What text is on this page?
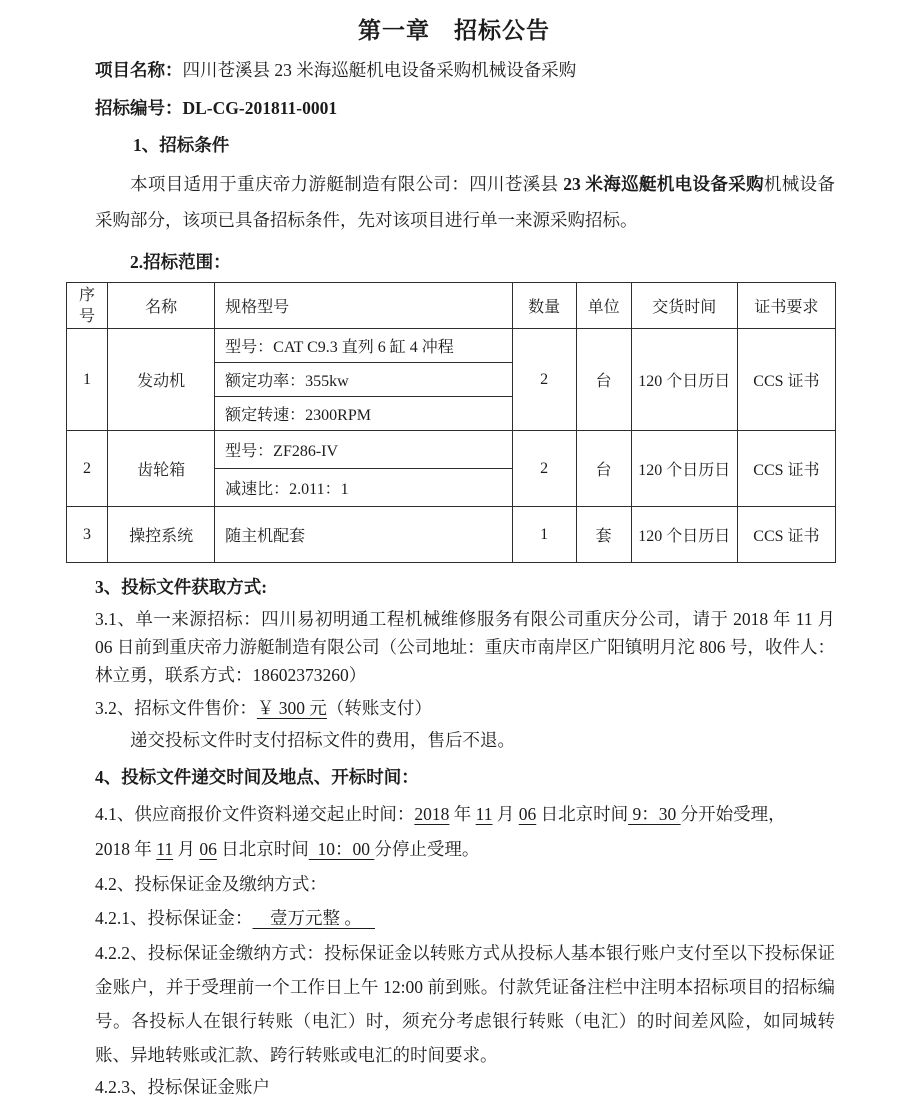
第一章　招标公告
项目名称：四川苍溪县 23 米海巡艇机电设备采购机械设备采购
招标编号：DL-CG-201811-0001
1、招标条件
本项目适用于重庆帝力游艇制造有限公司：四川苍溪县 23 米海巡艇机电设备采购机械设备采购部分，该项已具备招标条件，先对该项目进行单一来源采购招标。
2.招标范围：
序号	名称	规格型号	数量	单位	交货时间	证书要求
1	发动机	型号：CAT C9.3 直列 6 缸 4 冲程	2	台	120 个日历日	CCS 证书
		额定功率：355kw				
		额定转速：2300RPM				
2	齿轮箱	型号：ZF286-IV	2	台	120 个日历日	CCS 证书
		减速比：2.011：1				
3	操控系统	随主机配套	1	套	120 个日历日	CCS 证书
3、投标文件获取方式:
3.1、单一来源招标：四川易初明通工程机械维修服务有限公司重庆分公司，请于 2018 年 11 月 06 日前到重庆帝力游艇制造有限公司（公司地址：重庆市南岸区广阳镇明月沱 806 号，收件人：林立勇，联系方式：18602373260）
3.2、招标文件售价：￥ 300 元（转账支付）
递交投标文件时支付招标文件的费用，售后不退。
4、投标文件递交时间及地点、开标时间：
4.1、供应商报价文件资料递交起止时间：2018 年 11 月 06 日北京时间 9：30 分开始受理，
2018 年 11 月 06 日北京时间  10：00 分停止受理。
4.2、投标保证金及缴纳方式：
4.2.1、投标保证金：    壹万元整 。
4.2.2、投标保证金缴纳方式：投标保证金以转账方式从投标人基本银行账户支付至以下投标保证金账户，并于受理前一个工作日上午 12:00 前到账。付款凭证备注栏中注明本招标项目的招标编号。各投标人在银行转账（电汇）时，须充分考虑银行转账（电汇）的时间差风险，如同城转账、异地转账或汇款、跨行转账或电汇的时间要求。
4.2.3、投标保证金账户
